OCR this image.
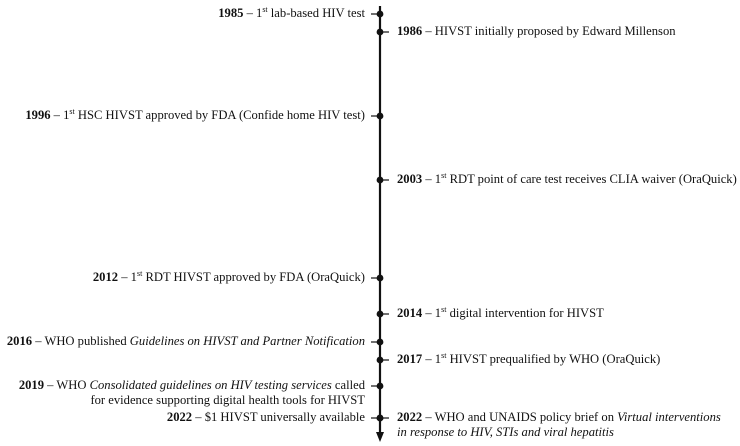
1985 – 1st lab-based HIV test
1986 – HIVST initially proposed by Edward Millenson
1996 – 1st HSC HIVST approved by FDA (Confide home HIV test)
2003 – 1st RDT point of care test receives CLIA waiver (OraQuick)
2012 – 1st RDT HIVST approved by FDA (OraQuick)
2014 – 1st digital intervention for HIVST
2016 – WHO published Guidelines on HIVST and Partner Notification
2017 – 1st HIVST prequalified by WHO (OraQuick)
2019 – WHO Consolidated guidelines on HIV testing services called
for evidence supporting digital health tools for HIVST
2022 – $1 HIVST universally available	2022 – WHO and UNAIDS policy brief on Virtual interventions
in response to HIV, STIs and viral hepatitis
